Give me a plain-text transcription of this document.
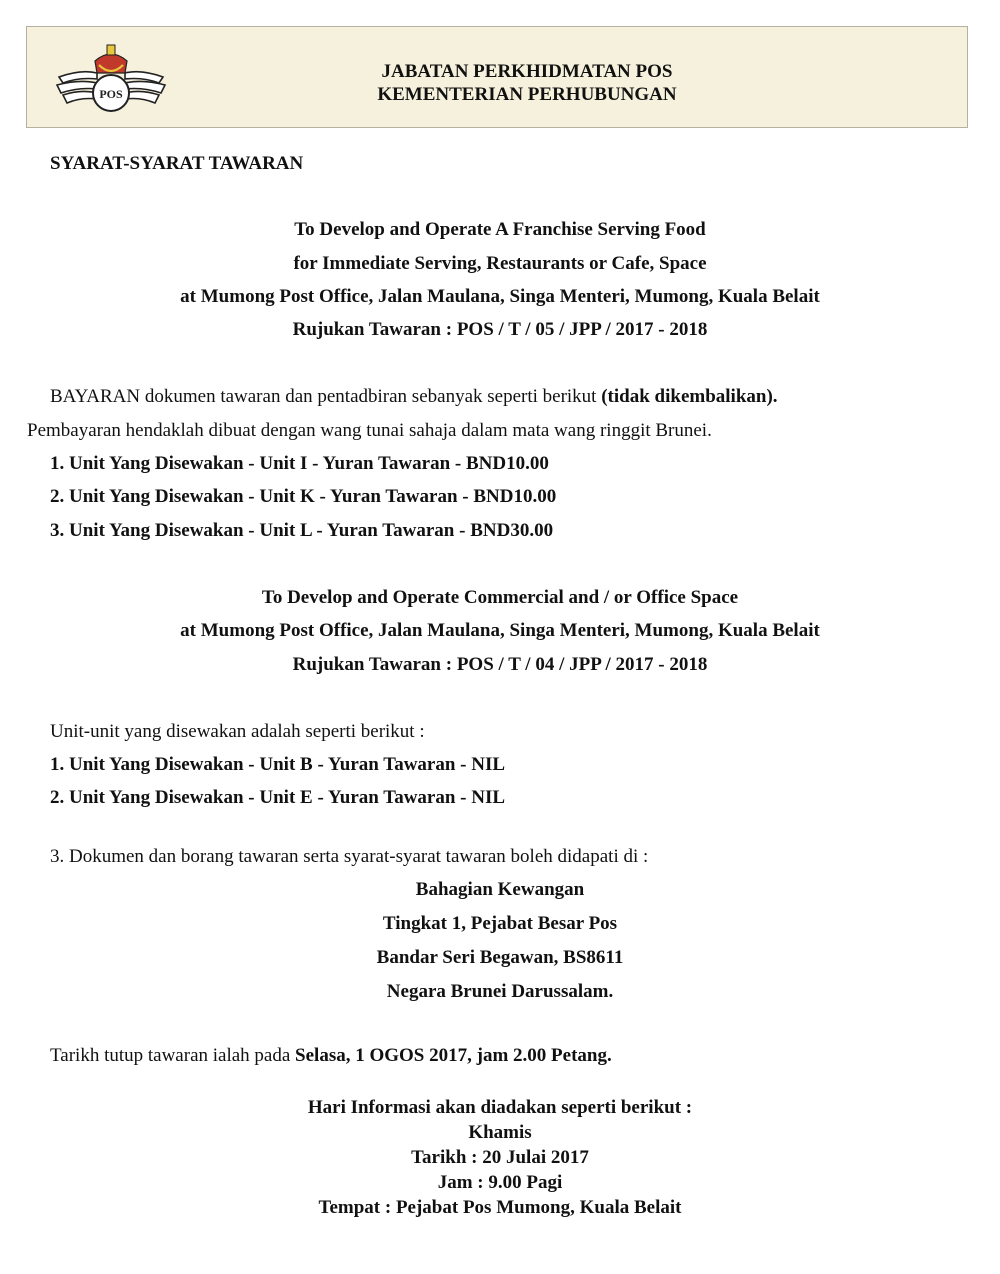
POS
JABATAN PERKHIDMATAN POS
KEMENTERIAN PERHUBUNGAN
SYARAT-SYARAT TAWARAN
To Develop and Operate A Franchise Serving Food
for Immediate Serving, Restaurants or Cafe, Space
at Mumong Post Office, Jalan Maulana, Singa Menteri, Mumong, Kuala Belait
Rujukan Tawaran : POS / T / 05 / JPP / 2017 - 2018
BAYARAN dokumen tawaran dan pentadbiran sebanyak seperti berikut (tidak dikembalikan).
Pembayaran hendaklah dibuat dengan wang tunai sahaja dalam mata wang ringgit Brunei.
1. Unit Yang Disewakan - Unit I - Yuran Tawaran - BND10.00
2. Unit Yang Disewakan - Unit K - Yuran Tawaran - BND10.00
3. Unit Yang Disewakan - Unit L - Yuran Tawaran - BND30.00
To Develop and Operate Commercial and / or Office Space
at Mumong Post Office, Jalan Maulana, Singa Menteri, Mumong, Kuala Belait
Rujukan Tawaran : POS / T / 04 / JPP / 2017 - 2018
Unit-unit yang disewakan adalah seperti berikut :
1. Unit Yang Disewakan - Unit B - Yuran Tawaran - NIL
2. Unit Yang Disewakan - Unit E - Yuran Tawaran - NIL
3. Dokumen dan borang tawaran serta syarat-syarat tawaran boleh didapati di :
Bahagian Kewangan
Tingkat 1, Pejabat Besar Pos
Bandar Seri Begawan, BS8611
Negara Brunei Darussalam.
Tarikh tutup tawaran ialah pada Selasa, 1 OGOS 2017, jam 2.00 Petang.
Hari Informasi akan diadakan seperti berikut :
Khamis
Tarikh : 20 Julai 2017
Jam : 9.00 Pagi
Tempat : Pejabat Pos Mumong, Kuala Belait
